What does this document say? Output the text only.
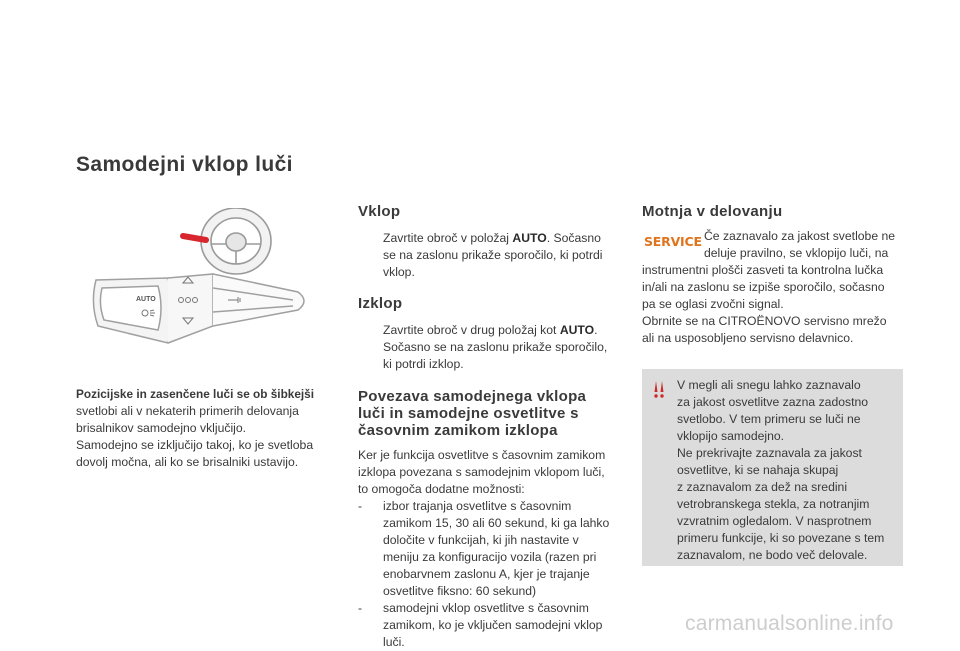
Samodejni vklop luči
AUTO
Pozicijske in zasenčene luči se ob šibkejši

svetlobi ali v nekaterih primerih delovanja

brisalnikov samodejno vključijo.

Samodejno se izključijo takoj, ko je svetloba

dovolj močna, ali ko se brisalniki ustavijo.

Vklop
Zavrtite obroč v položaj AUTO. Sočasno
se na zaslonu prikaže sporočilo, ki potrdi
vklop.
Izklop
Zavrtite obroč v drug položaj kot AUTO.
Sočasno se na zaslonu prikaže sporočilo,
ki potrdi izklop.
Povezava samodejnega vklopa
luči in samodejne osvetlitve s
časovnim zamikom izklopa
Ker je funkcija osvetlitve s časovnim zamikom
izklopa povezana s samodejnim vklopom luči,
to omogoča dodatne možnosti:
- izbor trajanja osvetlitve s časovnim
zamikom 15, 30 ali 60 sekund, ki ga lahko
določite v funkcijah, ki jih nastavite v
meniju za konfiguracijo vozila (razen pri
enobarvnem zaslonu A, kjer je trajanje
osvetlitve fiksno: 60 sekund)
- samodejni vklop osvetlitve s časovnim
zamikom, ko je vključen samodejni vklop luči.
Motnja v delovanju
SERVICE Če zaznavalo za jakost svetlobe ne
deluje pravilno, se vklopijo luči, na
instrumentni plošči zasveti ta kontrolna lučka
in/ali na zaslonu se izpiše sporočilo, sočasno
pa se oglasi zvočni signal.
Obrnite se na CITROËNOVO servisno mrežo
ali na usposobljeno servisno delavnico.

V megli ali snegu lahko zaznavalo

za jakost osvetlitve zazna zadostno

svetlobo. V tem primeru se luči ne

vklopijo samodejno.

Ne prekrivajte zaznavala za jakost

osvetlitve, ki se nahaja skupaj

z zaznavalom za dež na sredini

vetrobranskega stekla, za notranjim

vzvratnim ogledalom. V nasprotnem

primeru funkcije, ki so povezane s tem

zaznavalom, ne bodo več delovale.

carmanualsonline.info
